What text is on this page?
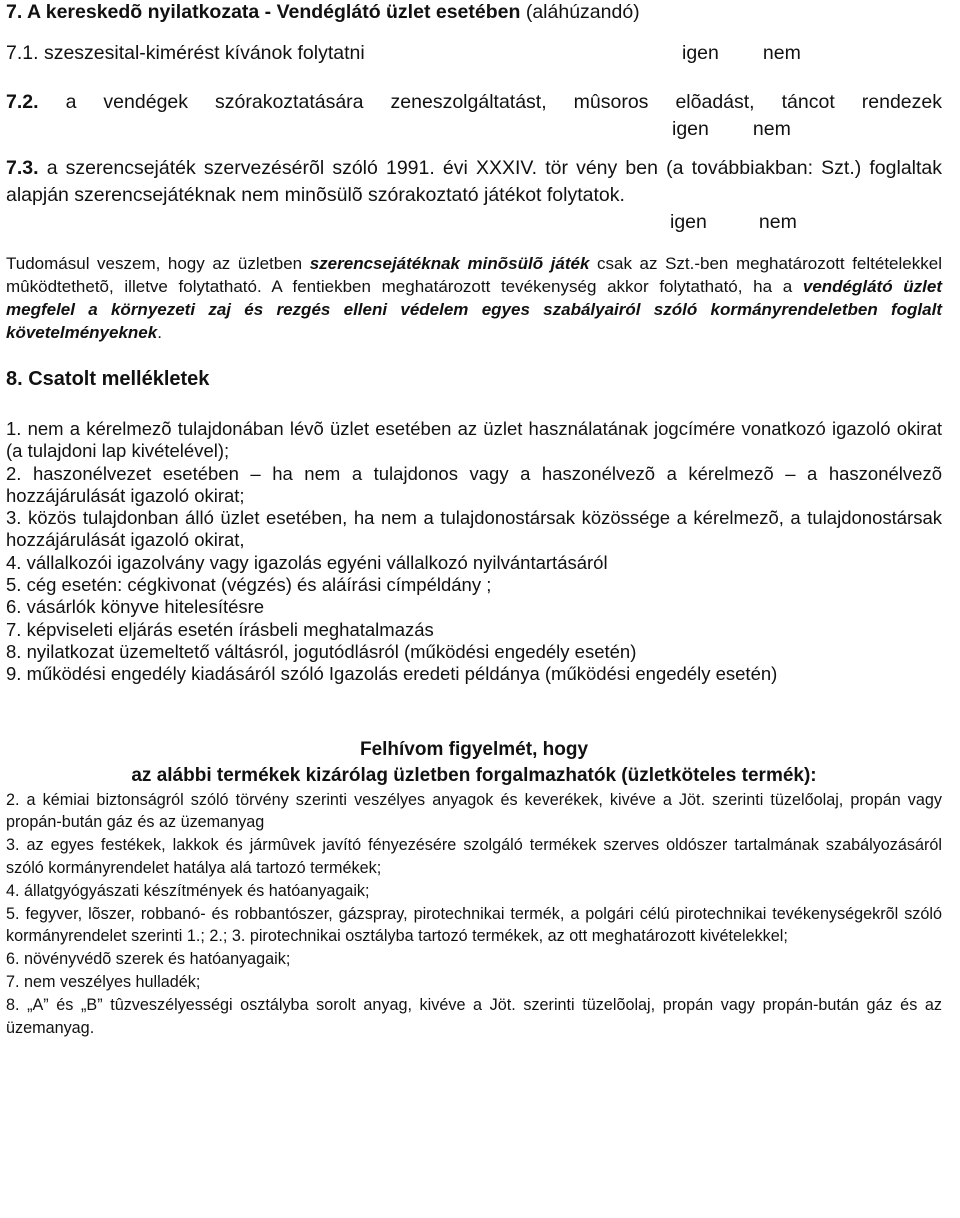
7. A kereskedõ nyilatkozata - Vendéglátó üzlet esetében (aláhúzandó)

7.1. szeszesital-kimérést kívánok folytatni	igen nem
7.2. a vendégek szórakoztatására zeneszolgáltatást, mûsoros elõadást, táncot rendezek
igen nem
7.3. a szerencsejáték szervezésérõl szóló 1991. évi XXXIV. tör vény ben (a továbbiakban: Szt.) foglaltak alapján szerencsejátéknak nem minõsülõ szórakoztató játékot folytatok.
igen	nem

Tudomásul veszem, hogy az üzletben szerencsejátéknak minõsülõ játék csak az Szt.-ben meghatározott feltételekkel mûködtethetõ, illetve folytatható. A fentiekben meghatározott tevékenység akkor folytatható, ha a vendéglátó üzlet megfelel a környezeti zaj és rezgés elleni védelem egyes szabályairól szóló kormányrendeletben foglalt követelményeknek.

8. Csatolt mellékletek

1. nem a kérelmezõ tulajdonában lévõ üzlet esetében az üzlet használatának jogcímére vonatkozó igazoló okirat (a tulajdoni lap kivételével);
2. haszonélvezet esetében – ha nem a tulajdonos vagy a haszonélvezõ a kérelmezõ – a haszonélvezõ hozzájárulását igazoló okirat;
3. közös tulajdonban álló üzlet esetében, ha nem a tulajdonostársak közössége a kérelmezõ, a tulajdonostársak hozzájárulását igazoló okirat,
4. vállalkozói igazolvány vagy igazolás egyéni vállalkozó nyilvántartásáról
5. cég esetén: cégkivonat (végzés) és aláírási címpéldány ;
6. vásárlók könyve hitelesítésre
7. képviseleti eljárás esetén írásbeli meghatalmazás
8. nyilatkozat üzemeltető váltásról, jogutódlásról (működési engedély esetén)
9. működési engedély kiadásáról szóló Igazolás eredeti példánya (működési engedély esetén)

Felhívom figyelmét, hogy

az alábbi termékek kizárólag üzletben forgalmazhatók (üzletköteles termék):

2. a kémiai biztonságról szóló törvény szerinti veszélyes anyagok és keverékek, kivéve a Jöt. szerinti tüzelőolaj, propán vagy propán-bután gáz és az üzemanyag
3. az egyes festékek, lakkok és jármûvek javító fényezésére szolgáló termékek szerves oldószer tartalmának szabályozásáról szóló kormányrendelet hatálya alá tartozó termékek;
4. állatgyógyászati készítmények és hatóanyagaik;
5. fegyver, lõszer, robbanó- és robbantószer, gázspray, pirotechnikai termék, a polgári célú pirotechnikai tevékenységekrõl szóló kormányrendelet szerinti 1.; 2.; 3. pirotechnikai osztályba tartozó termékek, az ott meghatározott kivételekkel;
6. növényvédõ szerek és hatóanyagaik;
7. nem veszélyes hulladék;
8. „A” és „B” tûzveszélyességi osztályba sorolt anyag, kivéve a Jöt. szerinti tüzelõolaj, propán vagy propán-bután gáz és az üzemanyag.
